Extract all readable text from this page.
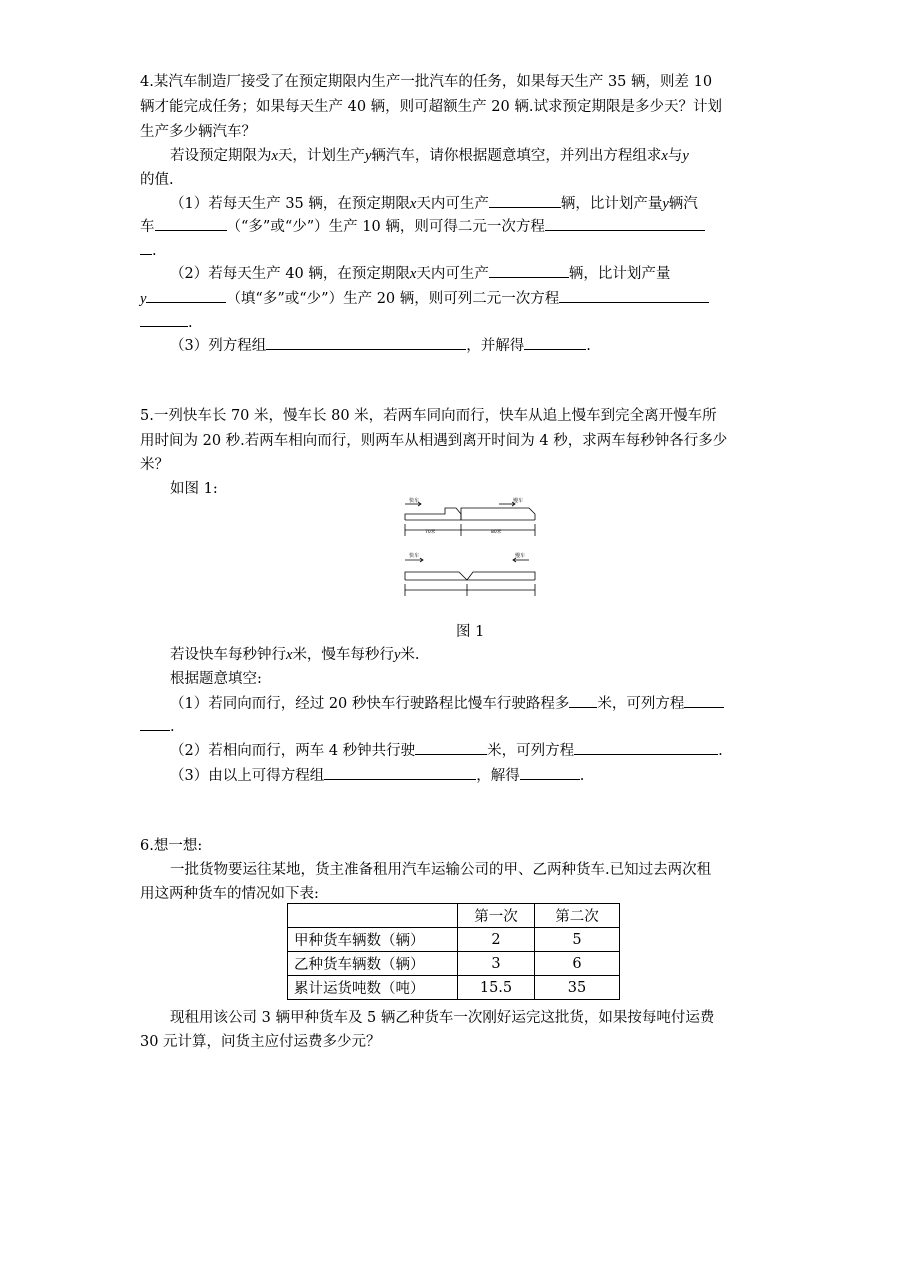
4.某汽车制造厂接受了在预定期限内生产一批汽车的任务，如果每天生产 35 辆，则差 10
辆才能完成任务；如果每天生产 40 辆，则可超额生产 20 辆.试求预定期限是多少天？计划
生产多少辆汽车？
若设预定期限为x天，计划生产y辆汽车，请你根据题意填空，并列出方程组求x与y
的值.
（1）若每天生产 35 辆，在预定期限x天内可生产	辆，比计划产量y辆汽
车	（“多”或“少”）生产 10 辆，则可得二元一次方程
.
（2）若每天生产 40 辆，在预定期限x天内可生产	辆，比计划产量
y	（填“多”或“少”）生产 20 辆，则可列二元一次方程
.
（3）列方程组	，并解得	.
5.一列快车长 70 米，慢车长 80 米，若两车同向而行，快车从追上慢车到完全离开慢车所
用时间为 20 秒.若两车相向而行，则两车从相遇到离开时间为 4 秒，求两车每秒钟各行多少
米？
如图 1:
快车	慢车
70米	80米
快车	慢车
图 1
若设快车每秒钟行x米，慢车每秒行y米.
根据题意填空:
（1）若同向而行，经过 20 秒快车行驶路程比慢车行驶路程多 米，可列方程
.
（2）若相向而行，两车 4 秒钟共行驶	米，可列方程	.
（3）由以上可得方程组	，解得	.
6.想一想:
一批货物要运往某地，货主准备租用汽车运输公司的甲、乙两种货车.已知过去两次租
用这两种货车的情况如下表:
	第一次	第二次
甲种货车辆数（辆）	2	5
乙种货车辆数（辆）	3	6
累计运货吨数（吨）	15.5	35
现租用该公司 3 辆甲种货车及 5 辆乙种货车一次刚好运完这批货，如果按每吨付运费
30 元计算，问货主应付运费多少元？
